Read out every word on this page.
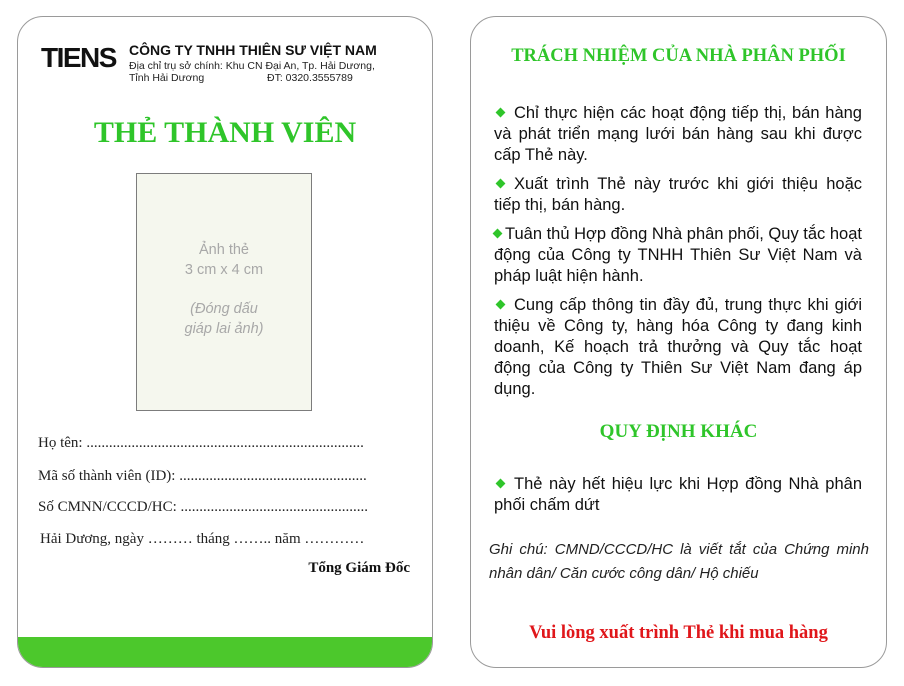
TIENS CÔNG TY TNHH THIÊN SƯ VIỆT NAM
Địa chỉ trụ sở chính: Khu CN Đại An, Tp. Hải Dương,
Tỉnh Hải Dương	ĐT: 0320.3555789
THẺ THÀNH VIÊN
Ảnh thẻ
3 cm x 4 cm
(Đóng dấu
giáp lai ảnh)
Họ tên: ..........................................................................
Mã số thành viên (ID): ..................................................
Số CMNN/CCCD/HC: ..................................................
Hải Dương, ngày ……… tháng …….. năm …………
Tổng Giám Đốc
TRÁCH NHIỆM CỦA NHÀ PHÂN PHỐI
Chỉ thực hiện các hoạt động tiếp thị, bán hàng và phát triển mạng lưới bán hàng sau khi được cấp Thẻ này.
Xuất trình Thẻ này trước khi giới thiệu hoặc tiếp thị, bán hàng.
Tuân thủ Hợp đồng Nhà phân phối, Quy tắc hoạt động của Công ty TNHH Thiên Sư Việt Nam và pháp luật hiện hành.
Cung cấp thông tin đầy đủ, trung thực khi giới thiệu về Công ty, hàng hóa Công ty đang kinh doanh, Kế hoạch trả thưởng và Quy tắc hoạt động của Công ty Thiên Sư Việt Nam đang áp dụng.
QUY ĐỊNH KHÁC
Thẻ này hết hiệu lực khi Hợp đồng Nhà phân phối chấm dứt
Ghi chú: CMND/CCCD/HC là viết tắt của Chứng minh nhân dân/ Căn cước công dân/ Hộ chiếu
Vui lòng xuất trình Thẻ khi mua hàng
